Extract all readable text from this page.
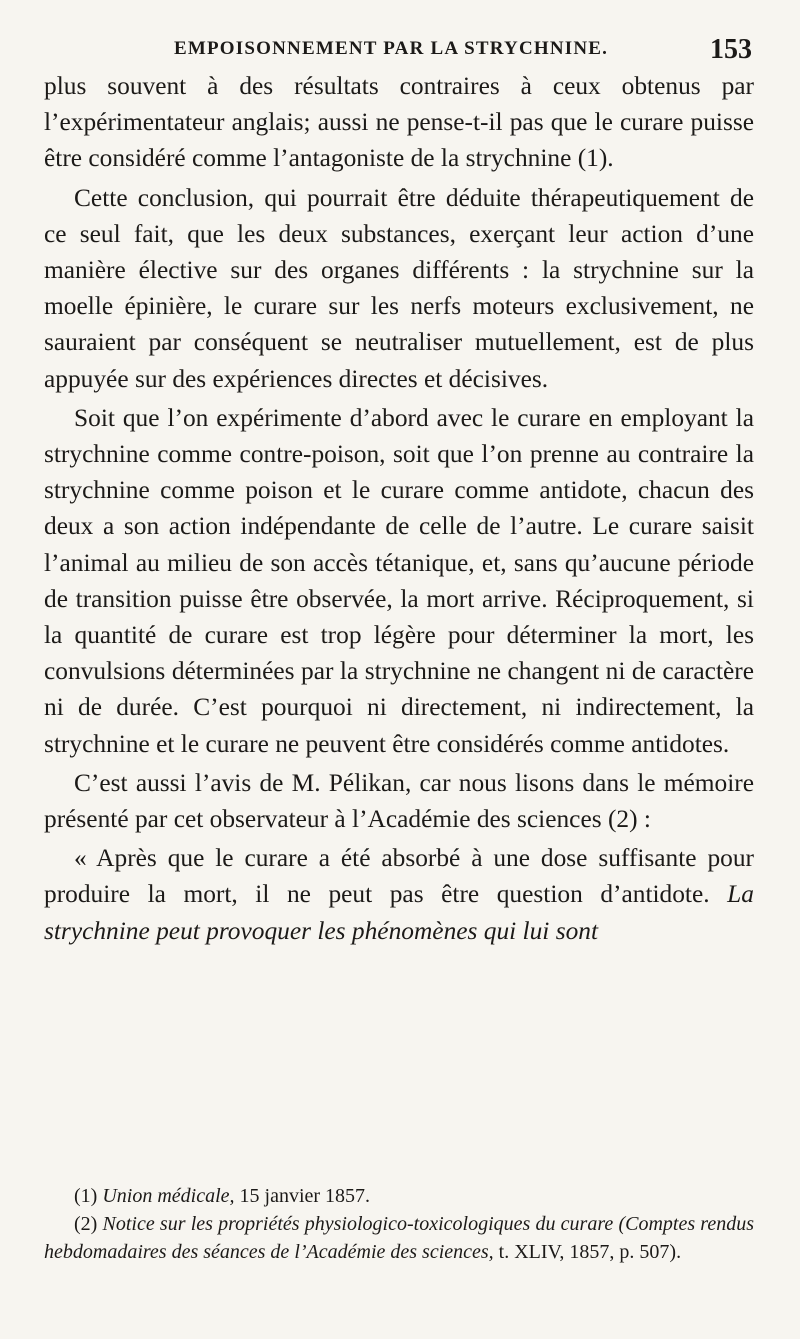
EMPOISONNEMENT PAR LA STRYCHNINE.	153

plus souvent à des résultats contraires à ceux obtenus par l’expérimentateur anglais; aussi ne pense-t-il pas que le curare puisse être considéré comme l’antagoniste de la strychnine (1).

Cette conclusion, qui pourrait être déduite thérapeutiquement de ce seul fait, que les deux substances, exerçant leur action d’une manière élective sur des organes différents : la strychnine sur la moelle épinière, le curare sur les nerfs moteurs exclusivement, ne sauraient par conséquent se neutraliser mutuellement, est de plus appuyée sur des expériences directes et décisives.

Soit que l’on expérimente d’abord avec le curare en employant la strychnine comme contre-poison, soit que l’on prenne au contraire la strychnine comme poison et le curare comme antidote, chacun des deux a son action indépendante de celle de l’autre. Le curare saisit l’animal au milieu de son accès tétanique, et, sans qu’aucune période de transition puisse être observée, la mort arrive. Réciproquement, si la quantité de curare est trop légère pour déterminer la mort, les convulsions déterminées par la strychnine ne changent ni de caractère ni de durée. C’est pourquoi ni directement, ni indirectement, la strychnine et le curare ne peuvent être considérés comme antidotes.

C’est aussi l’avis de M. Pélikan, car nous lisons dans le mémoire présenté par cet observateur à l’Académie des sciences (2) :

« Après que le curare a été absorbé à une dose suffisante pour produire la mort, il ne peut pas être question d’antidote. La strychnine peut provoquer les phénomènes qui lui sont

(1) Union médicale, 15 janvier 1857.

(2) Notice sur les propriétés physiologico-toxicologiques du curare (Comptes rendus hebdomadaires des séances de l’Académie des sciences, t. XLIV, 1857, p. 507).
